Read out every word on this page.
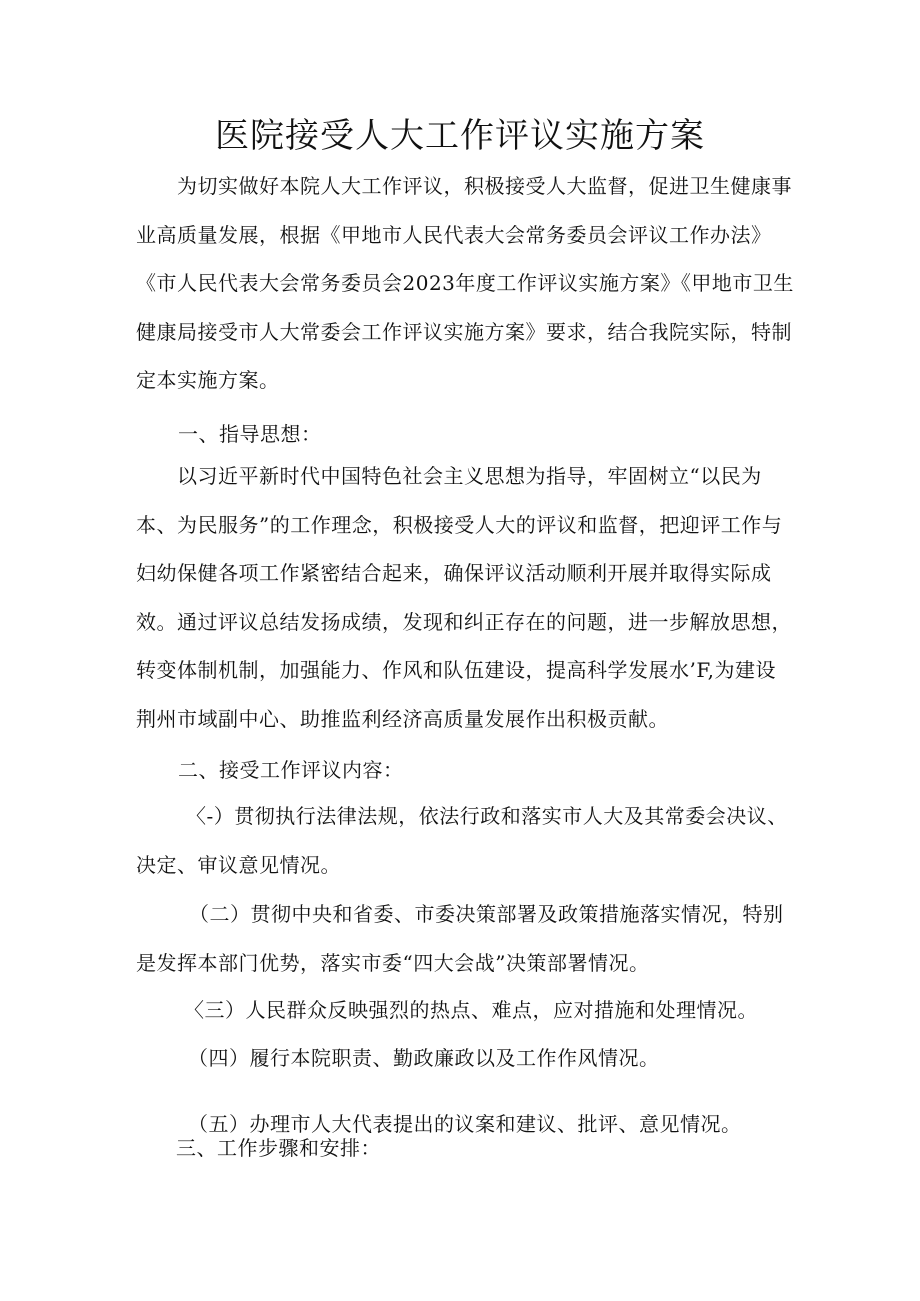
医院接受人大工作评议实施方案

为切实做好本院人大工作评议，积极接受人大监督，促进卫生健康事业高质量发展，根据《甲地市人民代表大会常务委员会评议工作办法》《市人民代表大会常务委员会2023年度工作评议实施方案》《甲地市卫生健康局接受市人大常委会工作评议实施方案》要求，结合我院实际，特制定本实施方案。

一、指导思想：

以习近平新时代中国特色社会主义思想为指导，牢固树立“以民为本、为民服务”的工作理念，积极接受人大的评议和监督，把迎评工作与妇幼保健各项工作紧密结合起来，确保评议活动顺利开展并取得实际成效。通过评议总结发扬成绩，发现和纠正存在的问题，进一步解放思想，转变体制机制，加强能力、作风和队伍建设，提高科学发展水’F,为建设荆州市域副中心、助推监利经济高质量发展作出积极贡献。

二、接受工作评议内容：

〈-）贯彻执行法律法规，依法行政和落实市人大及其常委会决议、决定、审议意见情况。

（二）贯彻中央和省委、市委决策部署及政策措施落实情况，特别是发挥本部门优势，落实市委“四大会战”决策部署情况。

〈三）人民群众反映强烈的热点、难点，应对措施和处理情况。

（四）履行本院职责、勤政廉政以及工作作风情况。

（五）办理市人大代表提出的议案和建议、批评、意见情况。

三、工作步骤和安排：
